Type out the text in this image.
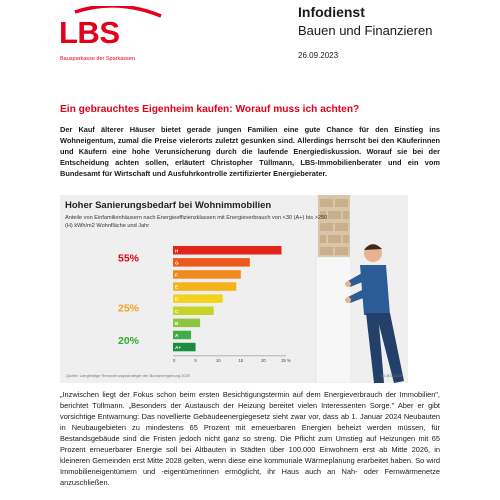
LBS
Bausparkasse der Sparkassen
Infodienst
Bauen und Finanzieren
26.09.2023
Ein gebrauchtes Eigenheim kaufen: Worauf muss ich achten?
Der Kauf älterer Häuser bietet gerade jungen Familien eine gute Chance für den Einstieg ins Wohneigentum, zumal die Preise vielerorts zuletzt gesunken sind. Allerdings herrscht bei den Käuferinnen und Käufern eine hohe Verunsicherung durch die laufende Energiediskussion. Worauf sie bei der Entscheidung achten sollen, erläutert Christopher Tüllmann, LBS-Immobilienberater und ein vom Bundesamt für Wirtschaft und Ausfuhrkontrolle zertifizierter Energieberater.
H
G
F
E
D
C
B
A
A+
0	5	10	15	20	25 %
55%
25%
20%
Hoher Sanierungsbedarf bei Wohnimmobilien
Anteile von Einfamilienhäusern nach Energieeffizienzklassen mit Energieverbrauch von <30 (A+) bis >250 (H) kWh/m2 Wohnfläche und Jahr
Quelle: Langfristige Renovierungsstrategie der Bundesregierung 2020	© LBS 2023
„Inzwischen liegt der Fokus schon beim ersten Besichtigungstermin auf dem Energieverbrauch der Immobilien", berichtet Tüllmann. „Besonders der Austausch der Heizung bereitet vielen Interessenten Sorge." Aber er gibt vorsichtige Entwarnung: Das novellierte Gebäudeenergiegesetz sieht zwar vor, dass ab 1. Januar 2024 Neubauten in Neubaugebieten zu mindestens 65 Prozent mit erneuerbaren Energien beheizt werden müssen, für Bestandsgebäude sind die Fristen jedoch nicht ganz so streng. Die Pflicht zum Umstieg auf Heizungen mit 65 Prozent erneuerbarer Energie soll bei Altbauten in Städten über 100.000 Einwohnern erst ab Mitte 2026, in kleineren Gemeinden erst Mitte 2028 gelten, wenn diese eine kommunale Wärmeplanung erarbeitet haben. So wird Immobilieneigentümern und -eigentümerinnen ermöglicht, ihr Haus auch an Nah- oder Fernwärmenetze anzuschließen.
